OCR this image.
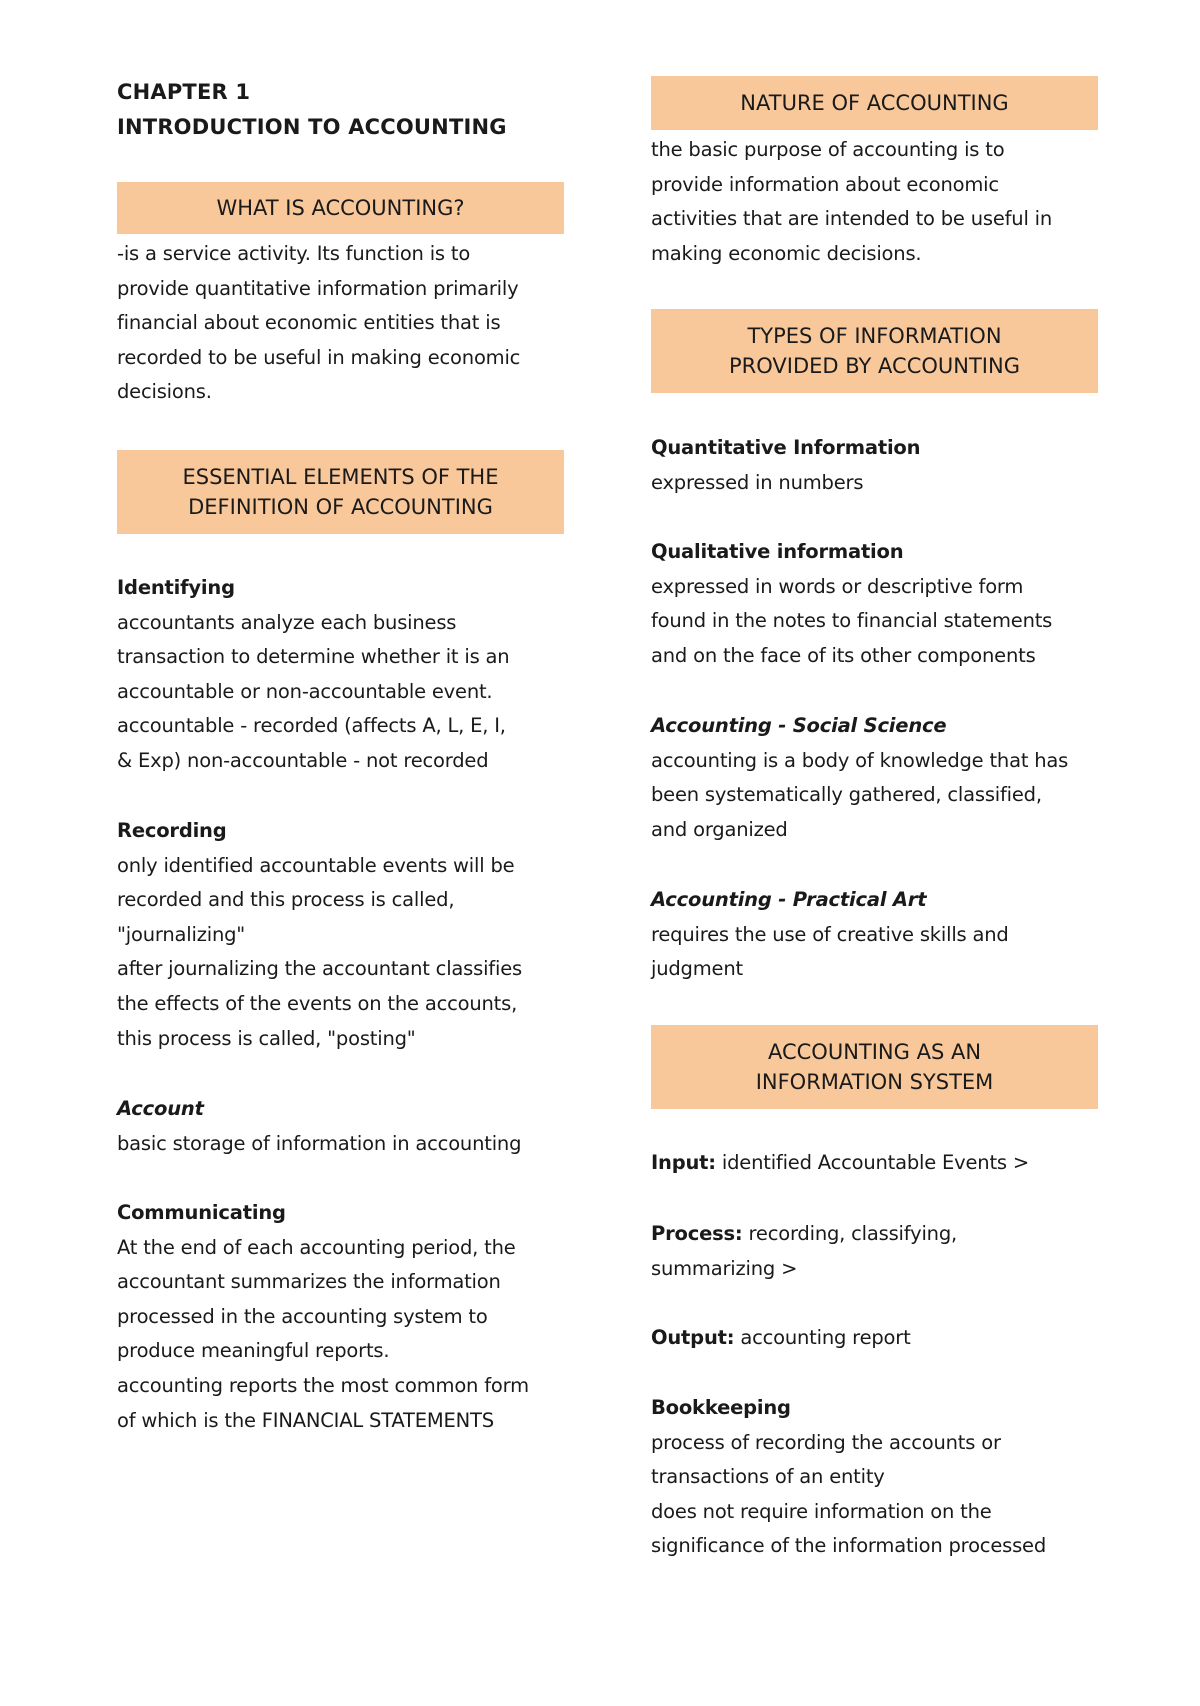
CHAPTER 1
INTRODUCTION TO ACCOUNTING
WHAT IS ACCOUNTING?
-is a service activity. Its function is to
provide quantitative information primarily
financial about economic entities that is
recorded to be useful in making economic
decisions.
ESSENTIAL ELEMENTS OF THE
DEFINITION OF ACCOUNTING
Identifying
accountants analyze each business
transaction to determine whether it is an
accountable or non-accountable event.
accountable - recorded (affects A, L, E, I,
& Exp) non-accountable - not recorded
Recording
only identified accountable events will be
recorded and this process is called,
"journalizing"
after journalizing the accountant classifies
the effects of the events on the accounts,
this process is called, "posting"
Account
basic storage of information in accounting
Communicating
At the end of each accounting period, the
accountant summarizes the information
processed in the accounting system to
produce meaningful reports.
accounting reports the most common form
of which is the FINANCIAL STATEMENTS
NATURE OF ACCOUNTING
the basic purpose of accounting is to
provide information about economic
activities that are intended to be useful in
making economic decisions.
TYPES OF INFORMATION
PROVIDED BY ACCOUNTING
Quantitative Information
expressed in numbers
Qualitative information
expressed in words or descriptive form
found in the notes to financial statements
and on the face of its other components
Accounting - Social Science
accounting is a body of knowledge that has
been systematically gathered, classified,
and organized
Accounting - Practical Art
requires the use of creative skills and
judgment
ACCOUNTING AS AN
INFORMATION SYSTEM
Input: identified Accountable Events >
Process: recording, classifying,
summarizing >
Output: accounting report
Bookkeeping
process of recording the accounts or
transactions of an entity
does not require information on the
significance of the information processed
